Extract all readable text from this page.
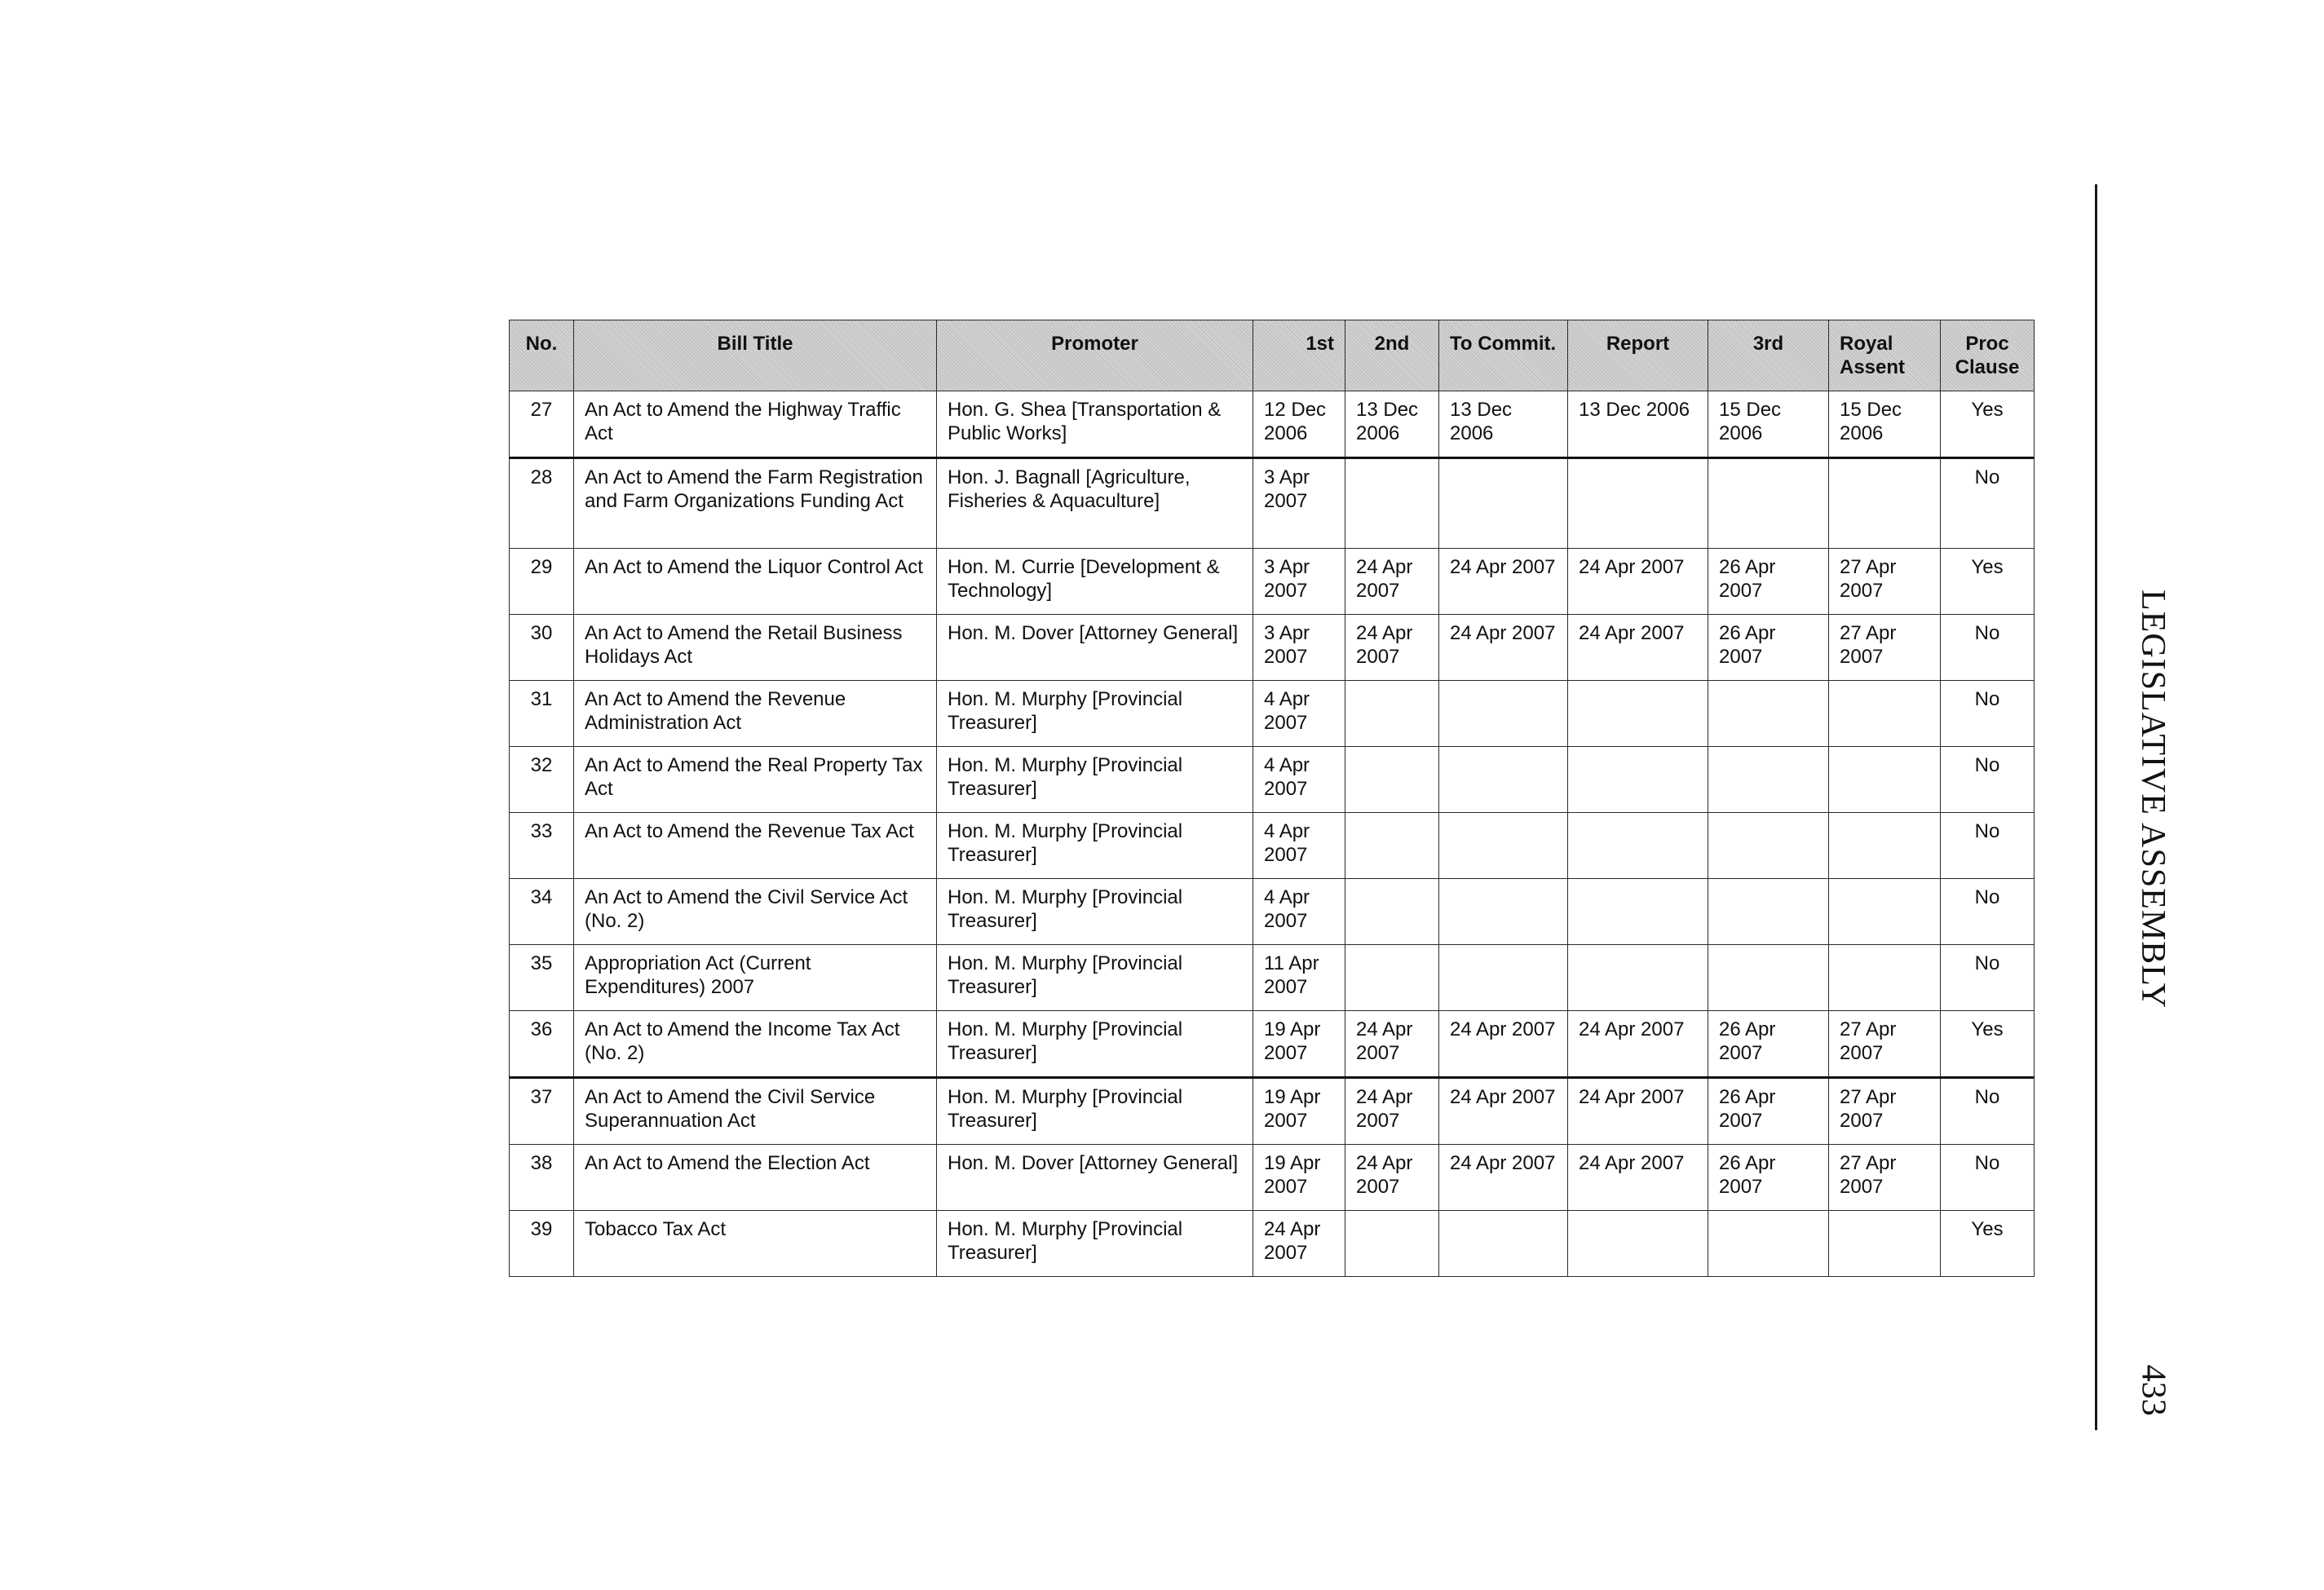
No.	Bill Title	Promoter	1st	2nd	To Commit.	Report	3rd	Royal Assent	Proc Clause
27	An Act to Amend the Highway Traffic Act	Hon. G. Shea [Transportation & Public Works]	12 Dec 2006	13 Dec 2006	13 Dec 2006	13 Dec 2006	15 Dec 2006	15 Dec 2006	Yes
28	An Act to Amend the Farm Registration and Farm Organizations Funding Act	Hon. J. Bagnall [Agriculture, Fisheries & Aquaculture]	3 Apr 2007						No
29	An Act to Amend the Liquor Control Act	Hon. M. Currie [Development & Technology]	3 Apr 2007	24 Apr 2007	24 Apr 2007	24 Apr 2007	26 Apr 2007	27 Apr 2007	Yes
30	An Act to Amend the Retail Business Holidays Act	Hon. M. Dover [Attorney General]	3 Apr 2007	24 Apr 2007	24 Apr 2007	24 Apr 2007	26 Apr 2007	27 Apr 2007	No
31	An Act to Amend the Revenue Administration Act	Hon. M. Murphy [Provincial Treasurer]	4 Apr 2007						No
32	An Act to Amend the Real Property Tax Act	Hon. M. Murphy [Provincial Treasurer]	4 Apr 2007						No
33	An Act to Amend the Revenue Tax Act	Hon. M. Murphy [Provincial Treasurer]	4 Apr 2007						No
34	An Act to Amend the Civil Service Act (No. 2)	Hon. M. Murphy [Provincial Treasurer]	4 Apr 2007						No
35	Appropriation Act (Current Expenditures) 2007	Hon. M. Murphy [Provincial Treasurer]	11 Apr 2007						No
36	An Act to Amend the Income Tax Act (No. 2)	Hon. M. Murphy [Provincial Treasurer]	19 Apr 2007	24 Apr 2007	24 Apr 2007	24 Apr 2007	26 Apr 2007	27 Apr 2007	Yes
37	An Act to Amend the Civil Service Superannuation Act	Hon. M. Murphy [Provincial Treasurer]	19 Apr 2007	24 Apr 2007	24 Apr 2007	24 Apr 2007	26 Apr 2007	27 Apr 2007	No
38	An Act to Amend the Election Act	Hon. M. Dover [Attorney General]	19 Apr 2007	24 Apr 2007	24 Apr 2007	24 Apr 2007	26 Apr 2007	27 Apr 2007	No
39	Tobacco Tax Act	Hon. M. Murphy [Provincial Treasurer]	24 Apr 2007						Yes
LEGISLATIVE ASSEMBLY
433
